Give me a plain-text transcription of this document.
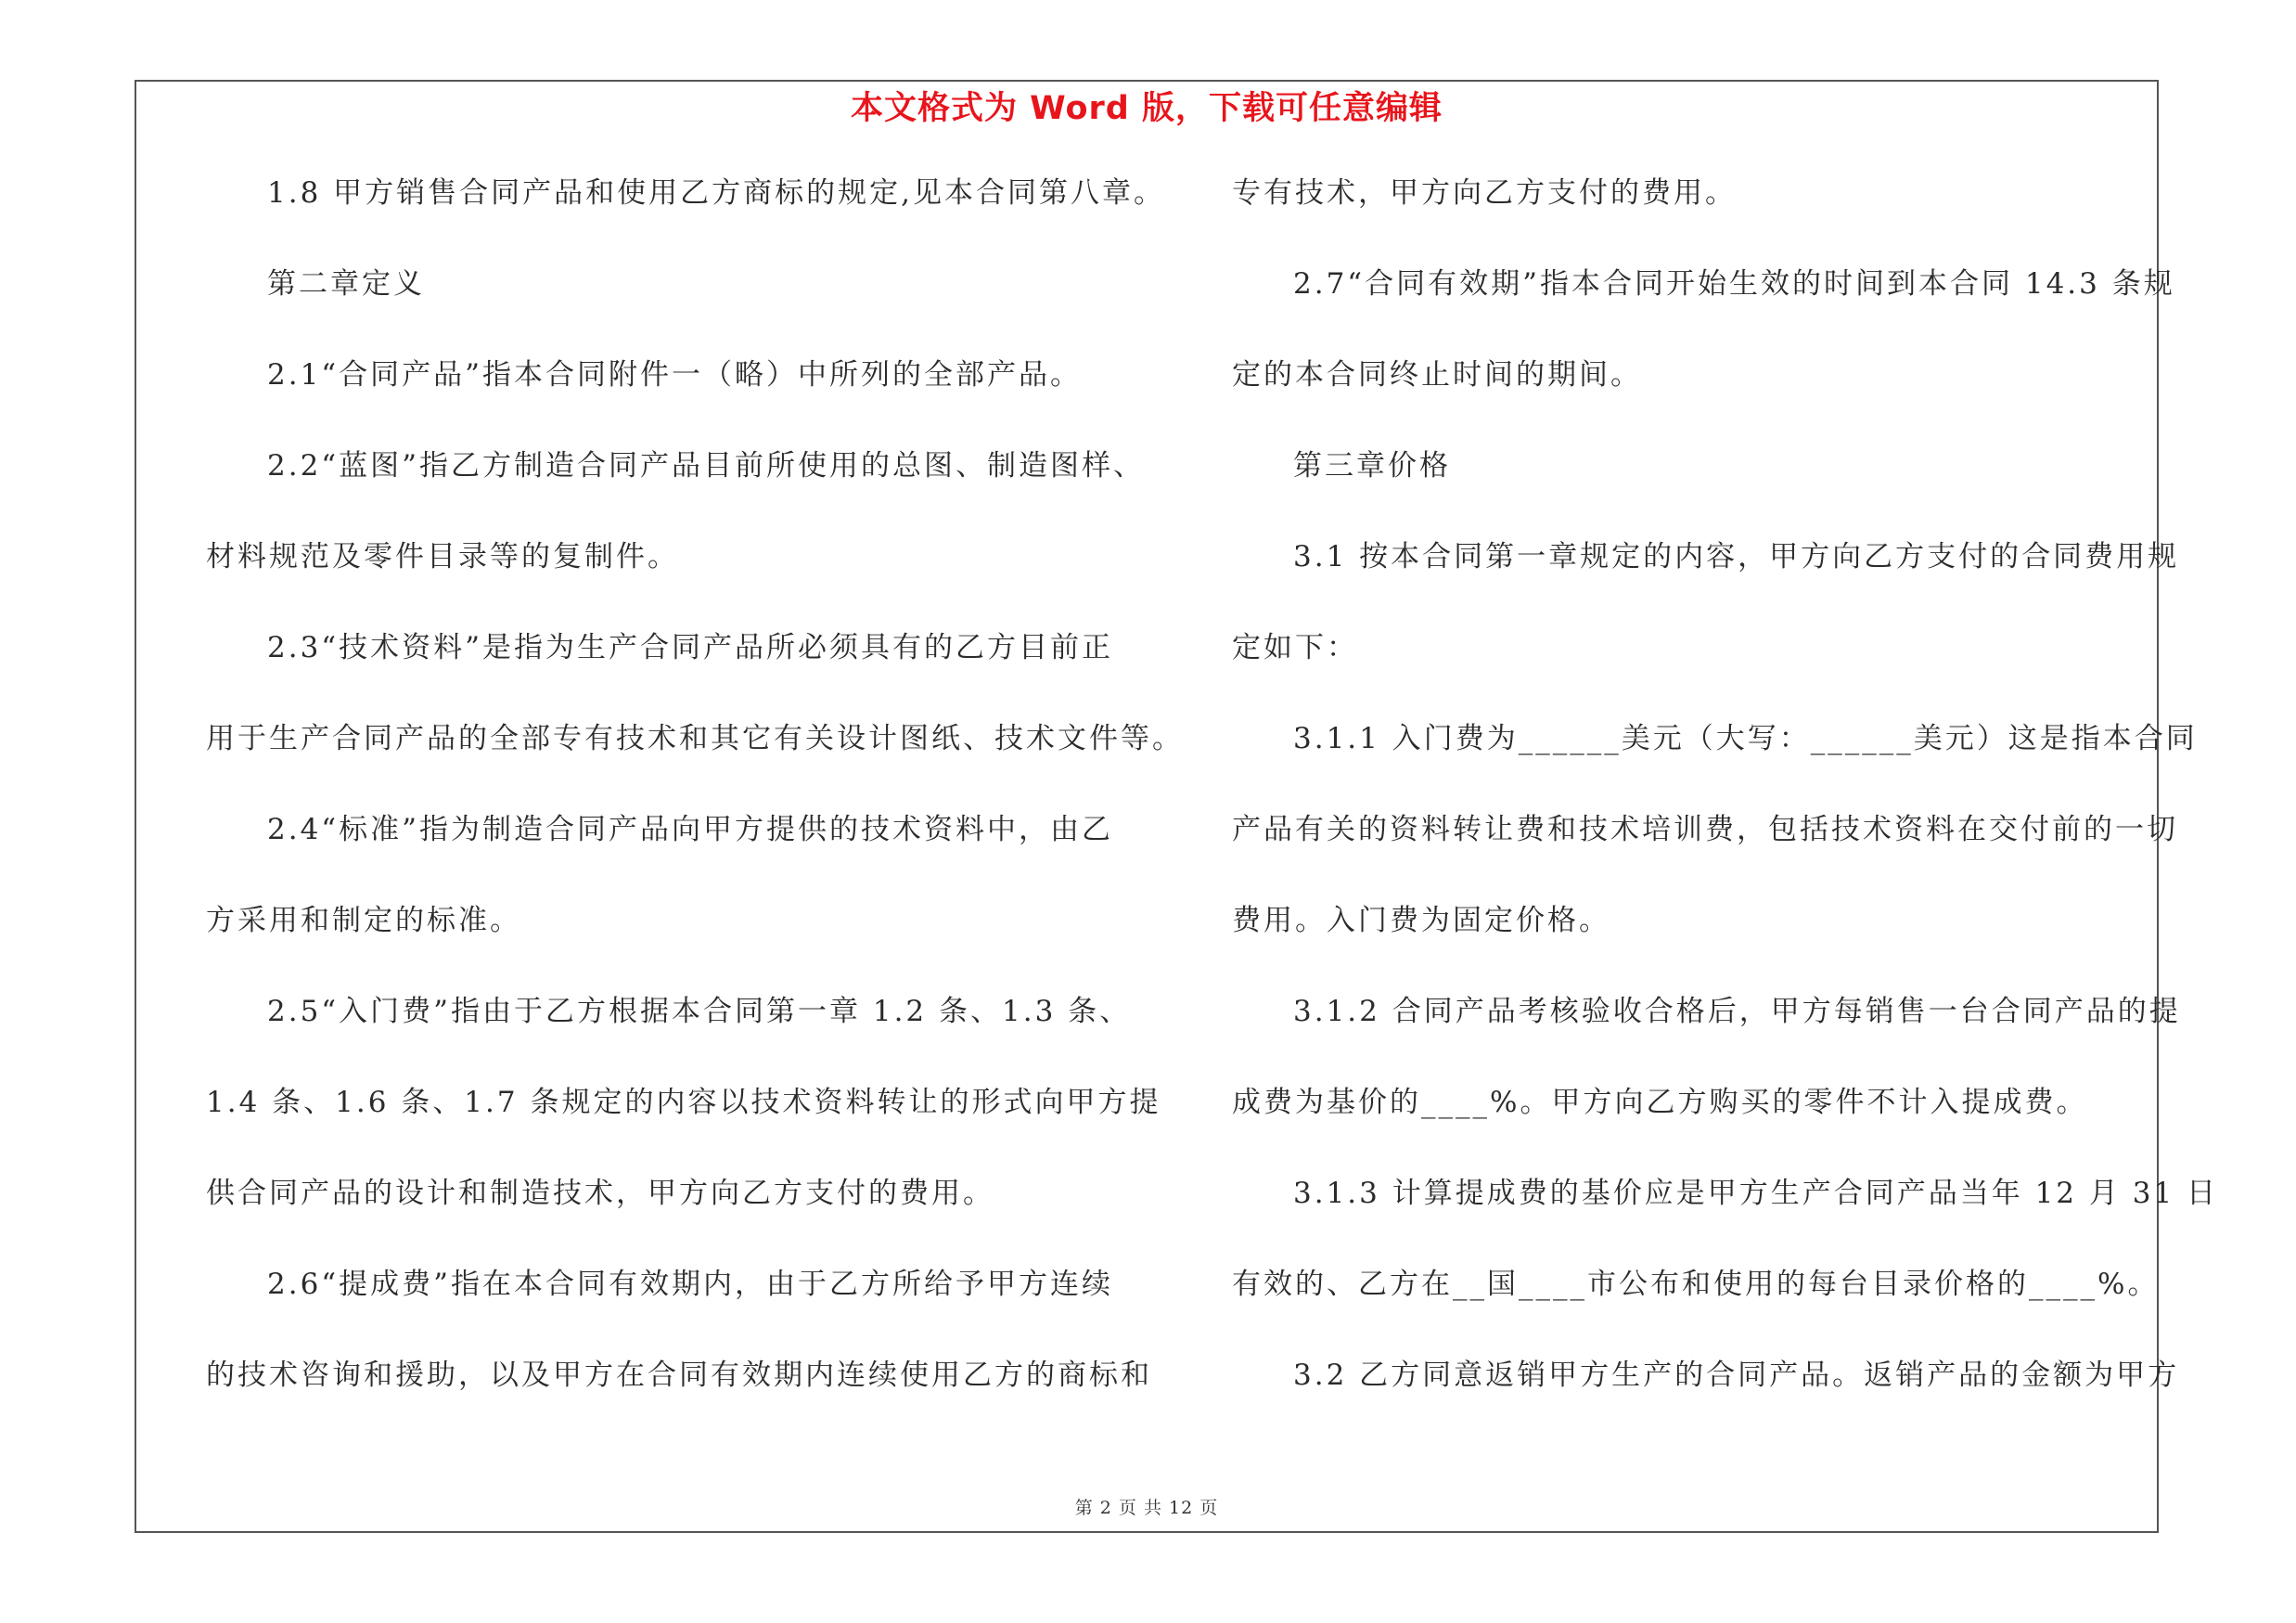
本文格式为 Word 版，下载可任意编辑
1.8 甲方销售合同产品和使用乙方商标的规定,见本合同第八章。
第二章定义
2.1“合同产品”指本合同附件一（略）中所列的全部产品。
2.2“蓝图”指乙方制造合同产品目前所使用的总图、制造图样、
材料规范及零件目录等的复制件。
2.3“技术资料”是指为生产合同产品所必须具有的乙方目前正
用于生产合同产品的全部专有技术和其它有关设计图纸、技术文件等。
2.4“标准”指为制造合同产品向甲方提供的技术资料中，由乙
方采用和制定的标准。
2.5“入门费”指由于乙方根据本合同第一章 1.2 条、1.3 条、
1.4 条、1.6 条、1.7 条规定的内容以技术资料转让的形式向甲方提
供合同产品的设计和制造技术，甲方向乙方支付的费用。
2.6“提成费”指在本合同有效期内，由于乙方所给予甲方连续
的技术咨询和援助，以及甲方在合同有效期内连续使用乙方的商标和
专有技术，甲方向乙方支付的费用。
2.7“合同有效期”指本合同开始生效的时间到本合同 14.3 条规
定的本合同终止时间的期间。
第三章价格
3.1 按本合同第一章规定的内容，甲方向乙方支付的合同费用规
定如下：
3.1.1 入门费为______美元（大写：______美元）这是指本合同
产品有关的资料转让费和技术培训费，包括技术资料在交付前的一切
费用。入门费为固定价格。
3.1.2 合同产品考核验收合格后，甲方每销售一台合同产品的提
成费为基价的____%。甲方向乙方购买的零件不计入提成费。
3.1.3 计算提成费的基价应是甲方生产合同产品当年 12 月 31 日
有效的、乙方在__国____市公布和使用的每台目录价格的____%。
3.2 乙方同意返销甲方生产的合同产品。返销产品的金额为甲方
第 2 页 共 12 页
